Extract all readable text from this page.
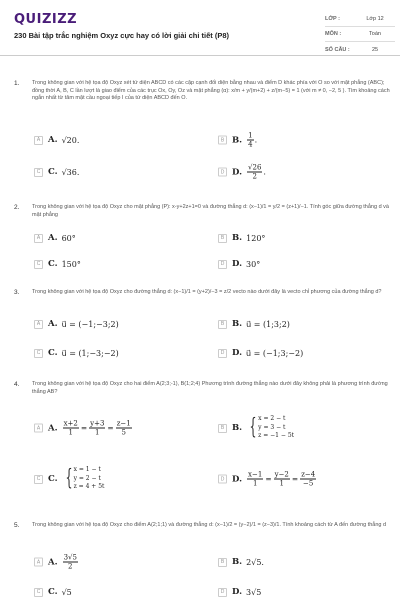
QUIZIZZ
230 Bài tập trắc nghiệm Oxyz cực hay có lời giải chi tiết (P8)
LỚP :	Lớp 12
MÔN :	Toán
SỐ CÂU :	25
1. Trong không gian với hệ tọa độ Oxyz xét tứ diện ABCD có các cặp cạnh đối diện bằng nhau và điểm D khác phía với O so với mặt phẳng (ABC); đồng thời A, B, C lần lượt là giao điểm của các trục Ox, Oy, Oz và mặt phẳng (α): x/m + y/(m+2) + z/(m−5) = 1 (với m ≠ 0, −2, 5 ). Tìm khoảng cách ngắn nhất từ tâm mặt cầu ngoại tiếp I của tứ diện ABCD đến O.
A A. √20.	B B. $\frac{1}{4}$ .
C C. √36.	D D. $\frac{√26}{2}$ .
2. Trong không gian với hệ tọa độ Oxyz cho mặt phẳng (P): x-y+2z+1=0 và đường thẳng d: (x−1)/1 = y/2 = (z+1)/−1. Tính góc giữa đường thẳng d và mặt phẳng
A A. 60°	B B. 120°
C C. 150°	D D. 30°
3. Trong không gian với hệ tọa độ Oxyz cho đường thẳng d: (x−1)/1 = (y+2)/−3 = z/2 vecto nào dưới đây là vecto chỉ phương của đường thẳng d?
A A. u⃗ = (−1;−3;2)	B B. u⃗ = (1;3;2)
C C. u⃗ = (1;−3;−2)	D D. u⃗ = (−1;3;−2)
4. Trong không gian với hệ tọa độ Oxyz cho hai điểm A(2;3;-1), B(1;2;4) Phương trình đường thẳng nào dưới đây không phải là phương trình đường thẳng AB?
A A. $\frac{x+2}{1} = \frac{y+3}{1} = \frac{z-1}{5}$	B B. { x = 2 − t
y = 3 − t
z = −1 − 5t
C C. { x = 1 − t
y = 2 − t
z = 4 + 5t
D D. $\frac{x-1}{1} = \frac{y-2}{1} = \frac{z-4}{-5}$
5. Trong không gian với hệ tọa độ Oxyz cho điểm A(2;1;1) và đường thẳng d: (x−1)/2 = (y−2)/1 = (z−3)/1. Tính khoảng cách từ A đến đường thẳng d
A A. $\frac{3√5}{2}$	B B. 2√5.
C C. √5	D D. 3√5
